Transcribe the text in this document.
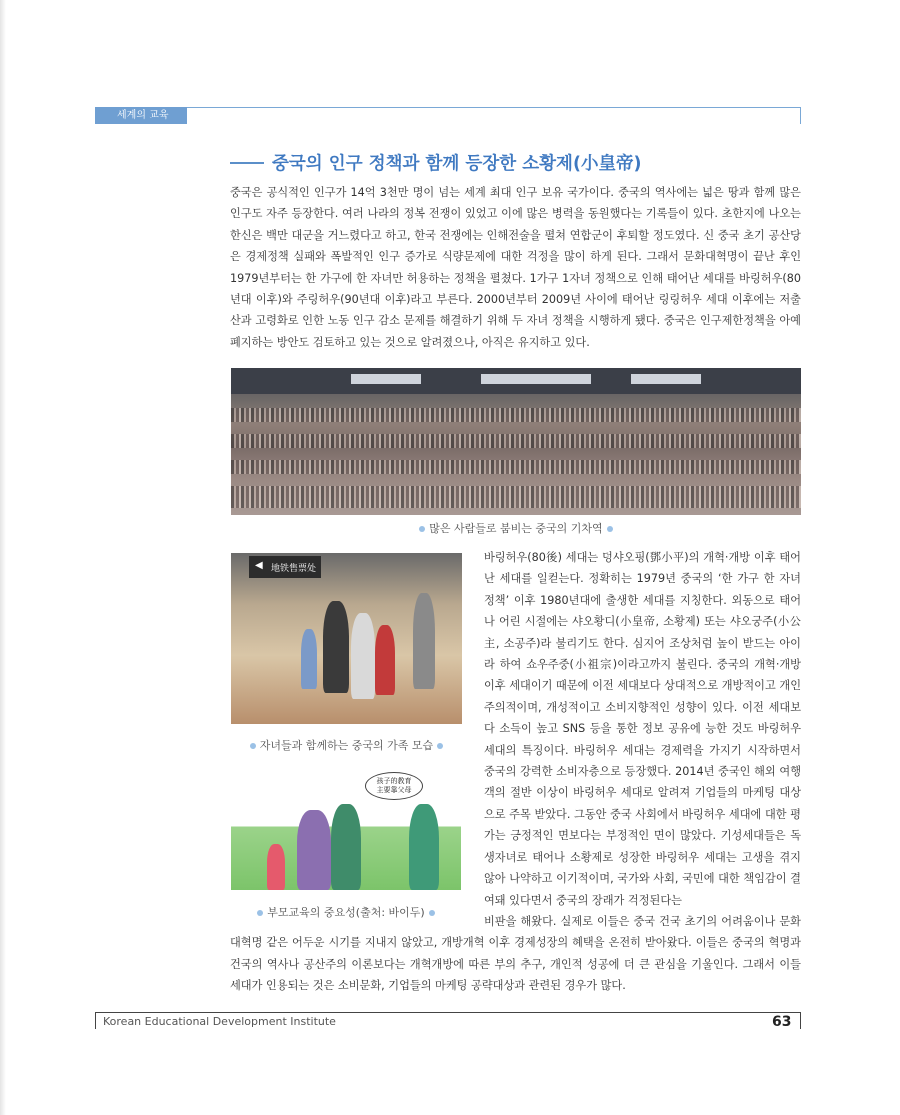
세계의 교육
중국의 인구 정책과 함께 등장한 소황제(小皇帝)
중국은 공식적인 인구가 14억 3천만 명이 넘는 세계 최대 인구 보유 국가이다. 중국의 역사에는 넓은 땅과 함께 많은 인구도 자주 등장한다. 여러 나라의 정복 전쟁이 있었고 이에 많은 병력을 동원했다는 기록들이 있다. 초한지에 나오는 한신은 백만 대군을 거느렸다고 하고, 한국 전쟁에는 인해전술을 펼쳐 연합군이 후퇴할 정도였다. 신 중국 초기 공산당은 경제정책 실패와 폭발적인 인구 증가로 식량문제에 대한 걱정을 많이 하게 된다. 그래서 문화대혁명이 끝난 후인 1979년부터는 한 가구에 한 자녀만 허용하는 정책을 펼쳤다. 1가구 1자녀 정책으로 인해 태어난 세대를 바링허우(80년대 이후)와 주링허우(90년대 이후)라고 부른다. 2000년부터 2009년 사이에 태어난 링링허우 세대 이후에는 저출산과 고령화로 인한 노동 인구 감소 문제를 해결하기 위해 두 자녀 정책을 시행하게 됐다. 중국은 인구제한정책을 아예 폐지하는 방안도 검토하고 있는 것으로 알려졌으나, 아직은 유지하고 있다.
많은 사람들로 붐비는 중국의 기차역
◀ 地铁售票处
자녀들과 함께하는 중국의 가족 모습
孩子的教育
主要靠父母
부모교육의 중요성(출처: 바이두)
바링허우(80後) 세대는 덩샤오핑(鄧小平)의 개혁·개방 이후 태어난 세대를 일컫는다. 정확히는 1979년 중국의 ‘한 가구 한 자녀 정책’ 이후 1980년대에 출생한 세대를 지칭한다. 외동으로 태어나 어린 시절에는 샤오황디(小皇帝, 소황제) 또는 샤오궁주(小公主, 소공주)라 불리기도 한다. 심지어 조상처럼 높이 받드는 아이라 하여 쇼우주중(小祖宗)이라고까지 불린다. 중국의 개혁·개방 이후 세대이기 때문에 이전 세대보다 상대적으로 개방적이고 개인주의적이며, 개성적이고 소비지향적인 성향이 있다. 이전 세대보다 소득이 높고 SNS 등을 통한 정보 공유에 능한 것도 바링허우 세대의 특징이다. 바링허우 세대는 경제력을 가지기 시작하면서 중국의 강력한 소비자층으로 등장했다. 2014년 중국인 해외 여행객의 절반 이상이 바링허우 세대로 알려져 기업들의 마케팅 대상으로 주목 받았다. 그동안 중국 사회에서 바링허우 세대에 대한 평가는 긍정적인 면보다는 부정적인 면이 많았다. 기성세대들은 독생자녀로 태어나 소황제로 성장한 바링허우 세대는 고생을 겪지 않아 나약하고 이기적이며, 국가와 사회, 국민에 대한 책임감이 결여돼 있다면서 중국의 장래가 걱정된다는
비판을 해왔다. 실제로 이들은 중국 건국 초기의 어려움이나 문화대혁명 같은 어두운 시기를 지내지 않았고, 개방개혁 이후 경제성장의 혜택을 온전히 받아왔다. 이들은 중국의 혁명과 건국의 역사나 공산주의 이론보다는 개혁개방에 따른 부의 추구, 개인적 성공에 더 큰 관심을 기울인다. 그래서 이들 세대가 인용되는 것은 소비문화, 기업들의 마케팅 공략대상과 관련된 경우가 많다.
Korean Educational Development Institute	63
